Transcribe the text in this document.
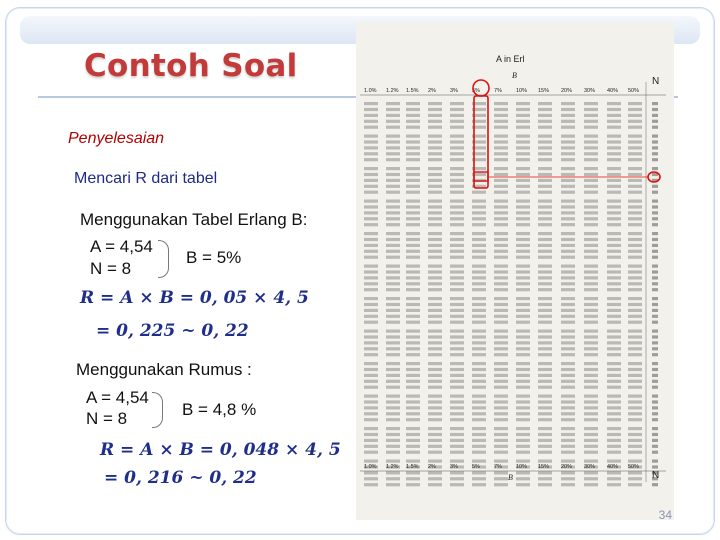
Contoh Soal
Penyelesaian
Mencari R dari tabel
Menggunakan Tabel Erlang B:
A = 4,54
N = 8
B = 5%
R = A × B = 0, 05 × 4, 5
= 0, 225 ~ 0, 22
Menggunakan Rumus :
A = 4,54
N = 8	B = 4,8 %
R = A × B = 0, 048 × 4, 5
= 0, 216 ~ 0, 22
A in Erl
B
N
1.0% 1.2% 1.5% 2%	3%	5%	7%	10% 15% 20% 30% 40% 50%
1.0% 1.2% 1.5% 2%	3%	5%	7%	10% 15% 20% 30% 40% 50%
N
B
34
